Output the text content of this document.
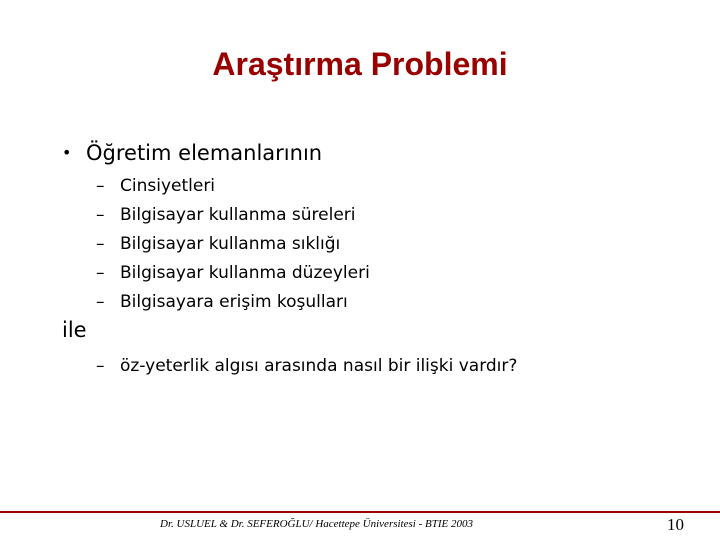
Araştırma Problemi
• Öğretim elemanlarının
– Cinsiyetleri
– Bilgisayar kullanma süreleri
– Bilgisayar kullanma sıklığı
– Bilgisayar kullanma düzeyleri
– Bilgisayara erişim koşulları
ile
– öz-yeterlik algısı arasında nasıl bir ilişki vardır?
Dr. USLUEL & Dr. SEFEROĞLU/ Hacettepe Üniversitesi - BTIE 2003	10
